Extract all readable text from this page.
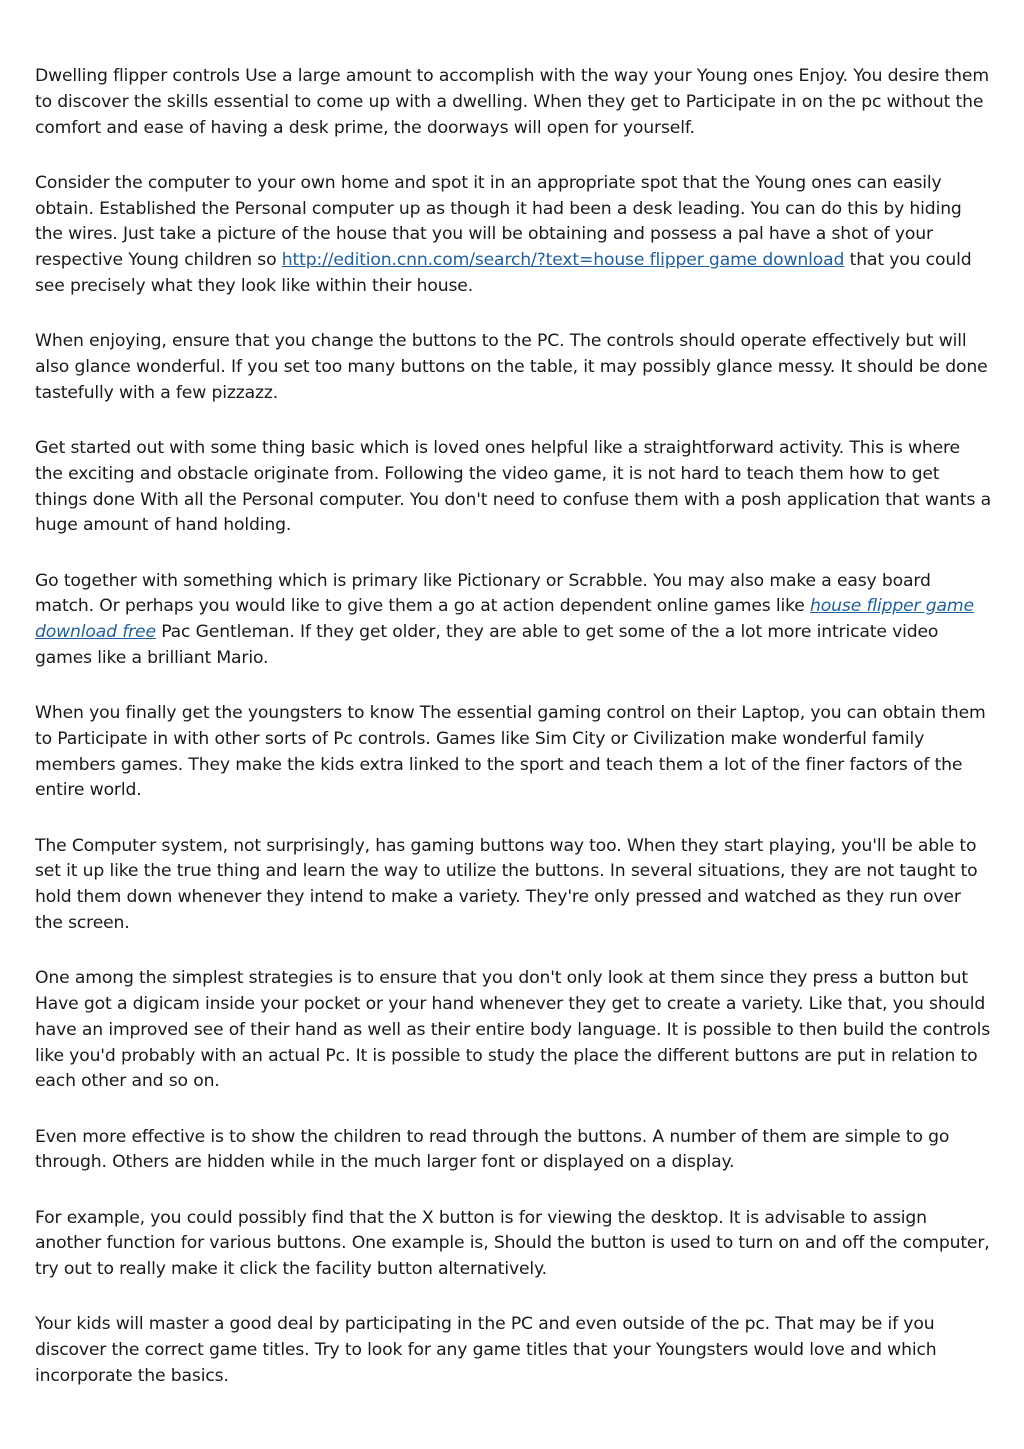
Dwelling flipper controls Use a large amount to accomplish with the way your Young ones Enjoy. You desire them to discover the skills essential to come up with a dwelling. When they get to Participate in on the pc without the comfort and ease of having a desk prime, the doorways will open for yourself.

Consider the computer to your own home and spot it in an appropriate spot that the Young ones can easily obtain. Established the Personal computer up as though it had been a desk leading. You can do this by hiding the wires. Just take a picture of the house that you will be obtaining and possess a pal have a shot of your respective Young children so http://edition.cnn.com/search/?text=house flipper game download that you could see precisely what they look like within their house.

When enjoying, ensure that you change the buttons to the PC. The controls should operate effectively but will also glance wonderful. If you set too many buttons on the table, it may possibly glance messy. It should be done tastefully with a few pizzazz.

Get started out with some thing basic which is loved ones helpful like a straightforward activity. This is where the exciting and obstacle originate from. Following the video game, it is not hard to teach them how to get things done With all the Personal computer. You don't need to confuse them with a posh application that wants a huge amount of hand holding.

Go together with something which is primary like Pictionary or Scrabble. You may also make a easy board match. Or perhaps you would like to give them a go at action dependent online games like house flipper game download free Pac Gentleman. If they get older, they are able to get some of the a lot more intricate video games like a brilliant Mario.

When you finally get the youngsters to know The essential gaming control on their Laptop, you can obtain them to Participate in with other sorts of Pc controls. Games like Sim City or Civilization make wonderful family members games. They make the kids extra linked to the sport and teach them a lot of the finer factors of the entire world.

The Computer system, not surprisingly, has gaming buttons way too. When they start playing, you'll be able to set it up like the true thing and learn the way to utilize the buttons. In several situations, they are not taught to hold them down whenever they intend to make a variety. They're only pressed and watched as they run over the screen.

One among the simplest strategies is to ensure that you don't only look at them since they press a button but Have got a digicam inside your pocket or your hand whenever they get to create a variety. Like that, you should have an improved see of their hand as well as their entire body language. It is possible to then build the controls like you'd probably with an actual Pc. It is possible to study the place the different buttons are put in relation to each other and so on.

Even more effective is to show the children to read through the buttons. A number of them are simple to go through. Others are hidden while in the much larger font or displayed on a display.

For example, you could possibly find that the X button is for viewing the desktop. It is advisable to assign another function for various buttons. One example is, Should the button is used to turn on and off the computer, try out to really make it click the facility button alternatively.

Your kids will master a good deal by participating in the PC and even outside of the pc. That may be if you discover the correct game titles. Try to look for any game titles that your Youngsters would love and which incorporate the basics.
